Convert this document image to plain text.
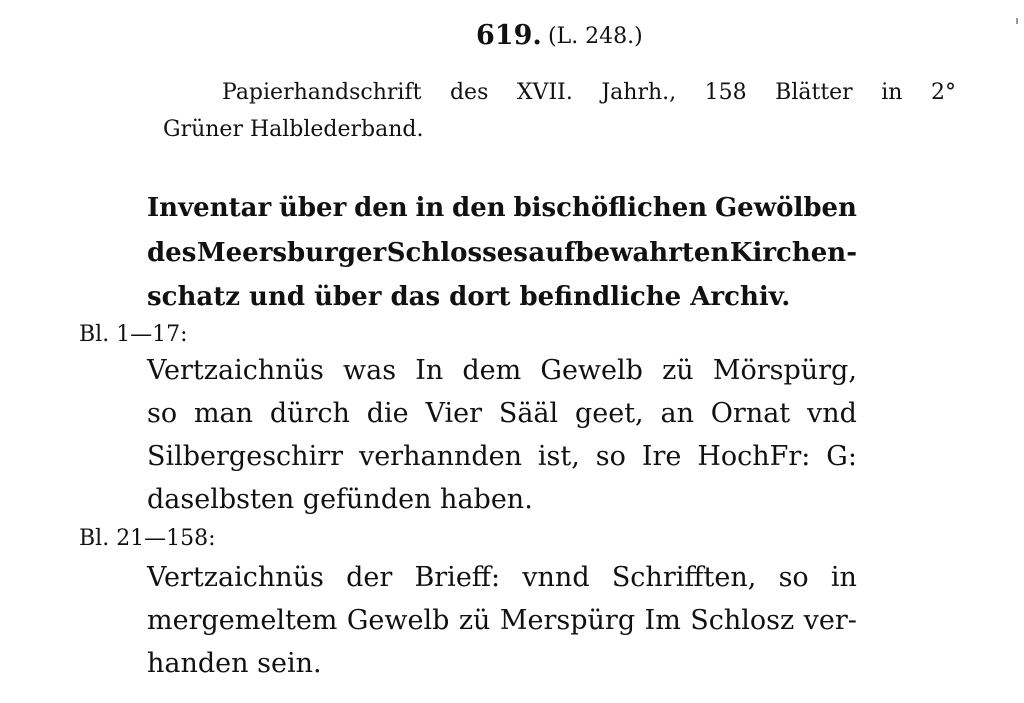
619. (L. 248.)
Papierhandschrift des XVII. Jahrh., 158 Blätter in 2°
Grüner Halblederband.
Inventar über den in den bischöflichen Gewölben
des Meersburger Schlosses aufbewahrten Kirchen-
schatz und über das dort befindliche Archiv.
Bl. 1—17:
Vertzaichnüs was In dem Gewelb zü Mörspürg,
so man dürch die Vier Sääl geet, an Ornat vnd
Silbergeschirr verhannden ist, so Ire HochFr: G:
daselbsten gefünden haben.
Bl. 21—158:
Vertzaichnüs der Brieff: vnnd Schrifften, so in
mergemeltem Gewelb zü Merspürg Im Schlosz ver-
handen sein.
